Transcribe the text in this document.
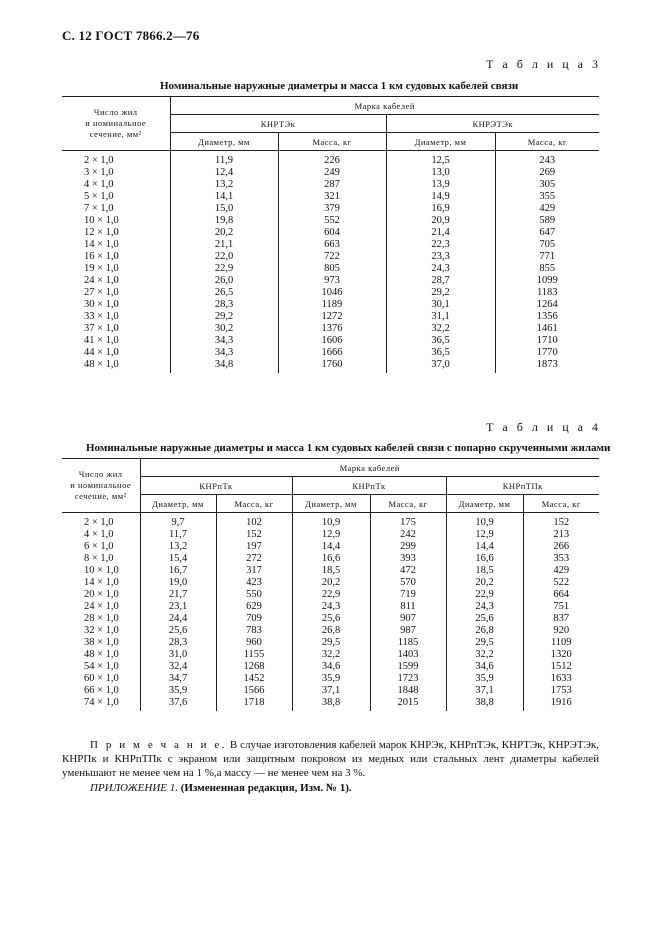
С. 12 ГОСТ 7866.2—76
Т а б л и ц а 3
Номинальные наружные диаметры и масса 1 км судовых кабелей связи
Число жил
и номинальное
сечение, мм²	Марка кабелей			
	КНРТЭк		КНРЭТЭк	
	Диаметр, мм	Масса, кг	Диаметр, мм	Масса, кг
2 × 1,0	11,9	226	12,5	243
3 × 1,0	12,4	249	13,0	269
4 × 1,0	13,2	287	13,9	305
5 × 1,0	14,1	321	14,9	355
7 × 1,0	15,0	379	16,9	429
10 × 1,0	19,8	552	20,9	589
12 × 1,0	20,2	604	21,4	647
14 × 1,0	21,1	663	22,3	705
16 × 1,0	22,0	722	23,3	771
19 × 1,0	22,9	805	24,3	855
24 × 1,0	26,0	973	28,7	1099
27 × 1,0	26,5	1046	29,2	1183
30 × 1,0	28,3	1189	30,1	1264
33 × 1,0	29,2	1272	31,1	1356
37 × 1,0	30,2	1376	32,2	1461
41 × 1,0	34,3	1606	36,5	1710
44 × 1,0	34,3	1666	36,5	1770
48 × 1,0	34,8	1760	37,0	1873
Т а б л и ц а 4
Номинальные наружные диаметры и масса 1 км судовых кабелей связи с попарно скрученными жилами
Число жил
и номинальное
сечение, мм²	Марка кабелей					
	КНРпТк		КНРпТк		КНРпТПк	
	Диаметр, мм	Масса, кг	Диаметр, мм	Масса, кг	Диаметр, мм	Масса, кг
2 × 1,0	9,7	102	10,9	175	10,9	152
4 × 1,0	11,7	152	12,9	242	12,9	213
6 × 1,0	13,2	197	14,4	299	14,4	266
8 × 1,0	15,4	272	16,6	393	16,6	353
10 × 1,0	16,7	317	18,5	472	18,5	429
14 × 1,0	19,0	423	20,2	570	20,2	522
20 × 1,0	21,7	550	22,9	719	22,9	664
24 × 1,0	23,1	629	24,3	811	24,3	751
28 × 1,0	24,4	709	25,6	907	25,6	837
32 × 1,0	25,6	783	26,8	987	26,8	920
38 × 1,0	28,3	960	29,5	1185	29,5	1109
48 × 1,0	31,0	1155	32,2	1403	32,2	1320
54 × 1,0	32,4	1268	34,6	1599	34,6	1512
60 × 1,0	34,7	1452	35,9	1723	35,9	1633
66 × 1,0	35,9	1566	37,1	1848	37,1	1753
74 × 1,0	37,6	1718	38,8	2015	38,8	1916
П р и м е ч а н и е. В случае изготовления кабелей марок КНРЭк, КНРпТЭк, КНРТЭк, КНРЭТЭк, КНРПк и КНРпТПк с экраном или защитным покровом из медных или стальных лент диаметры кабелей уменьшают не менее чем на 1 %,а массу — не менее чем на 3 %.
ПРИЛОЖЕНИЕ 1. (Измененная редакция, Изм. № 1).
